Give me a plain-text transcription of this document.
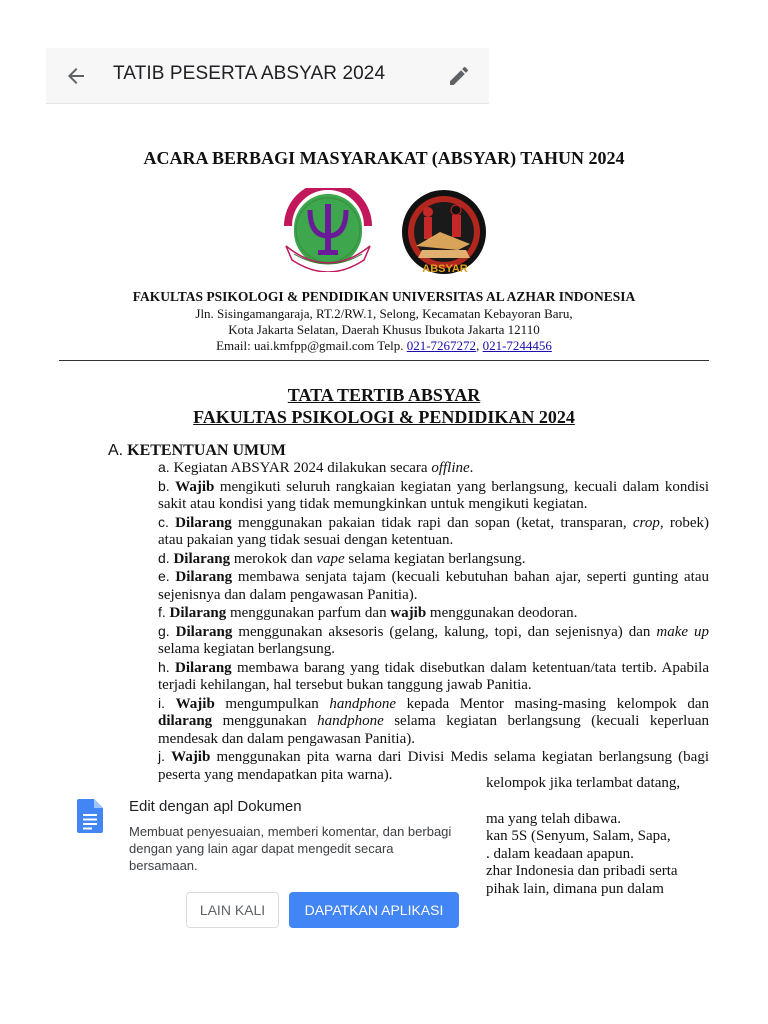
TATIB PESERTA ABSYAR 2024
ACARA BERBAGI MASYARAKAT (ABSYAR) TAHUN 2024
ABSYAR
FAKULTAS PSIKOLOGI & PENDIDIKAN UNIVERSITAS AL AZHAR INDONESIA
Jln. Sisingamangaraja, RT.2/RW.1, Selong, Kecamatan Kebayoran Baru,
Kota Jakarta Selatan, Daerah Khusus Ibukota Jakarta 12110
Email: uai.kmfpp@gmail.com Telp. 021-7267272, 021-7244456
TATA TERTIB ABSYAR
FAKULTAS PSIKOLOGI & PENDIDIKAN 2024
A. KETENTUAN UMUM

a. Kegiatan ABSYAR 2024 dilakukan secara offline.

b. Wajib mengikuti seluruh rangkaian kegiatan yang berlangsung, kecuali dalam kondisi sakit atau kondisi yang tidak memungkinkan untuk mengikuti kegiatan.

c. Dilarang menggunakan pakaian tidak rapi dan sopan (ketat, transparan, crop, robek) atau pakaian yang tidak sesuai dengan ketentuan.

d. Dilarang merokok dan vape selama kegiatan berlangsung.

e. Dilarang membawa senjata tajam (kecuali kebutuhan bahan ajar, seperti gunting atau sejenisnya dan dalam pengawasan Panitia).

f. Dilarang menggunakan parfum dan wajib menggunakan deodoran.

g. Dilarang menggunakan aksesoris (gelang, kalung, topi, dan sejenisnya) dan make up selama kegiatan berlangsung.

h. Dilarang membawa barang yang tidak disebutkan dalam ketentuan/tata tertib. Apabila terjadi kehilangan, hal tersebut bukan tanggung jawab Panitia.

i. Wajib mengumpulkan handphone kepada Mentor masing-masing kelompok dan dilarang menggunakan handphone selama kegiatan berlangsung (kecuali keperluan mendesak dan dalam pengawasan Panitia).

j. Wajib menggunakan pita warna dari Divisi Medis selama kegiatan berlangsung (bagi peserta yang mendapatkan pita warna).

kelompok jika terlambat datang,
ma yang telah dibawa.
kan 5S (Senyum, Salam, Sapa,
. dalam keadaan apapun.
zhar Indonesia dan pribadi serta
pihak lain, dimana pun dalam
Edit dengan apl Dokumen
Membuat penyesuaian, memberi komentar, dan berbagi dengan yang lain agar dapat mengedit secara bersamaan.
LAIN KALI	DAPATKAN APLIKASI
